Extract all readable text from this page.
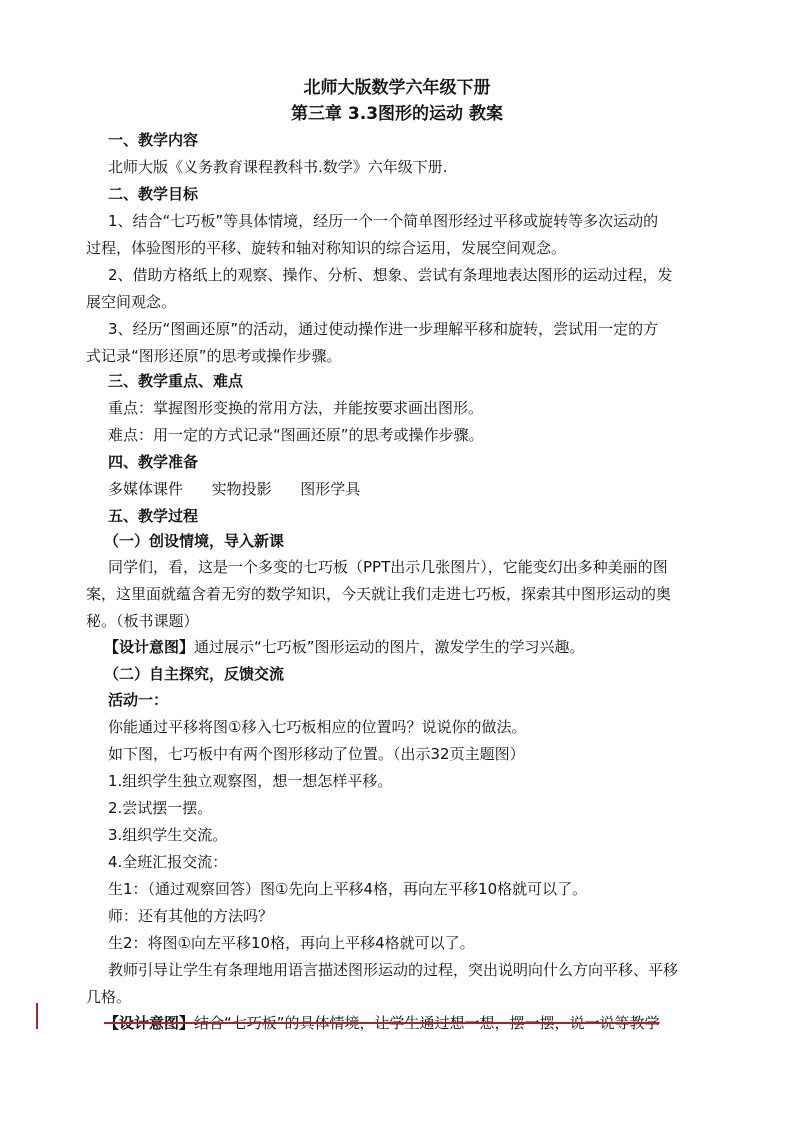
北师大版数学六年级下册
第三章 3.3图形的运动 教案
一、教学内容
北师大版《义务教育课程教科书.数学》六年级下册.
二、教学目标
1、结合“七巧板”等具体情境，经历一个一个简单图形经过平移或旋转等多次运动的
过程，体验图形的平移、旋转和轴对称知识的综合运用，发展空间观念。
2、借助方格纸上的观察、操作、分析、想象、尝试有条理地表达图形的运动过程，发
展空间观念。
3、经历“图画还原”的活动，通过使动操作进一步理解平移和旋转，尝试用一定的方
式记录“图形还原”的思考或操作步骤。
三、教学重点、难点
重点：掌握图形变换的常用方法，并能按要求画出图形。
难点：用一定的方式记录“图画还原”的思考或操作步骤。
四、教学准备
多媒体课件      实物投影      图形学具
五、教学过程
（一）创设情境，导入新课
同学们，看，这是一个多变的七巧板（PPT出示几张图片），它能变幻出多种美丽的图
案，这里面就蕴含着无穷的数学知识，今天就让我们走进七巧板，探索其中图形运动的奥
秘。（板书课题）
【设计意图】通过展示“七巧板”图形运动的图片，激发学生的学习兴趣。
（二）自主探究，反馈交流
活动一：
你能通过平移将图①移入七巧板相应的位置吗？说说你的做法。
如下图，七巧板中有两个图形移动了位置。（出示32页主题图）
1.组织学生独立观察图，想一想怎样平移。
2.尝试摆一摆。
3.组织学生交流。
4.全班汇报交流：
生1：（通过观察回答）图①先向上平移4格，再向左平移10格就可以了。
师：还有其他的方法吗？
生2：将图①向左平移10格，再向上平移4格就可以了。
教师引导让学生有条理地用语言描述图形运动的过程，突出说明向什么方向平移、平移
几格。
【设计意图】结合“七巧板”的具体情境，让学生通过想一想，摆一摆，说一说等教学
